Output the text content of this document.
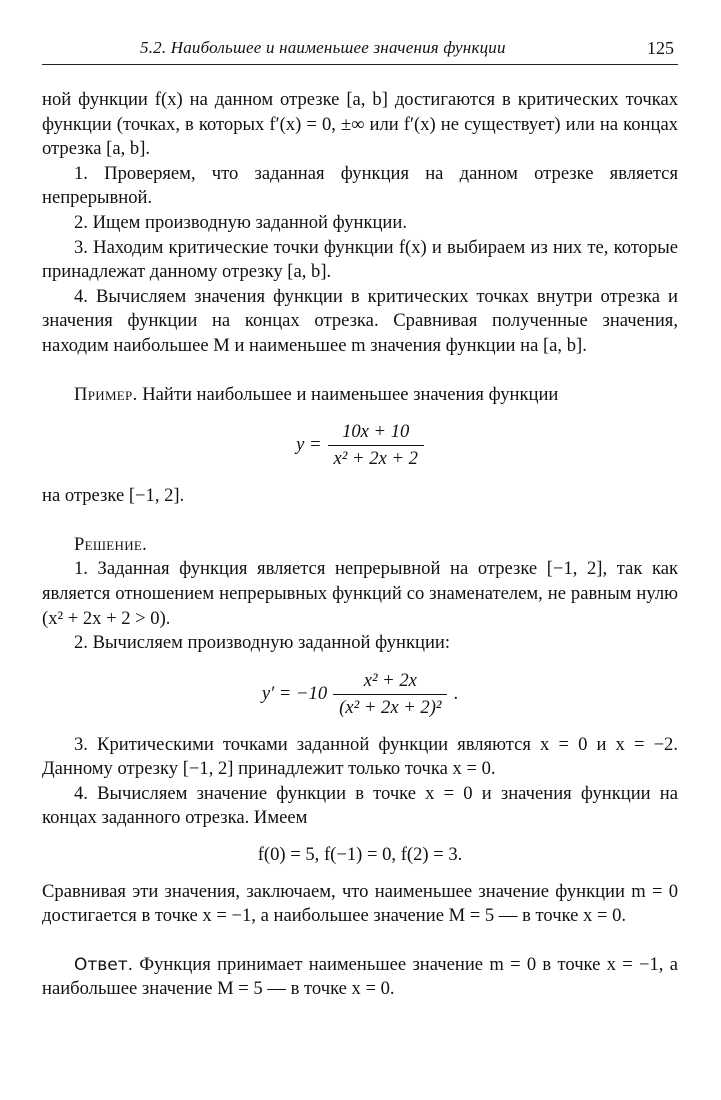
5.2. Наибольшее и наименьшее значения функции	125

ной функции f(x) на данном отрезке [a, b] достигаются в критических точках функции (точках, в которых f′(x) = 0, ±∞ или f′(x) не существует) или на концах отрезка [a, b].

1. Проверяем, что заданная функция на данном отрезке является непрерывной.

2. Ищем производную заданной функции.

3. Находим критические точки функции f(x) и выбираем из них те, которые принадлежат данному отрезку [a, b].

4. Вычисляем значения функции в критических точках внутри отрезка и значения функции на концах отрезка. Сравнивая полученные значения, находим наибольшее M и наименьшее m значения функции на [a, b].

Пример. Найти наибольшее и наименьшее значения функции

$y = \frac{10x + 10}{\text{x² + 2x + 2}}$

на отрезке [−1, 2].

Решение.

1. Заданная функция является непрерывной на отрезке [−1, 2], так как является отношением непрерывных функций со знаменателем, не равным нулю (x² + 2x + 2 > 0).

2. Вычисляем производную заданной функции:

$y' = -10 \frac{\text{x² + 2x}}{\text{(x² + 2x + 2)²}}$ .

3. Критическими точками заданной функции являются x = 0 и x = −2. Данному отрезку [−1, 2] принадлежит только точка x = 0.

4. Вычисляем значение функции в точке x = 0 и значения функции на концах заданного отрезка. Имеем

f(0) = 5, f(−1) = 0, f(2) = 3.

Сравнивая эти значения, заключаем, что наименьшее значение функции m = 0 достигается в точке x = −1, а наибольшее значение M = 5 — в точке x = 0.

Ответ. Функция принимает наименьшее значение m = 0 в точке x = −1, а наибольшее значение M = 5 — в точке x = 0.
